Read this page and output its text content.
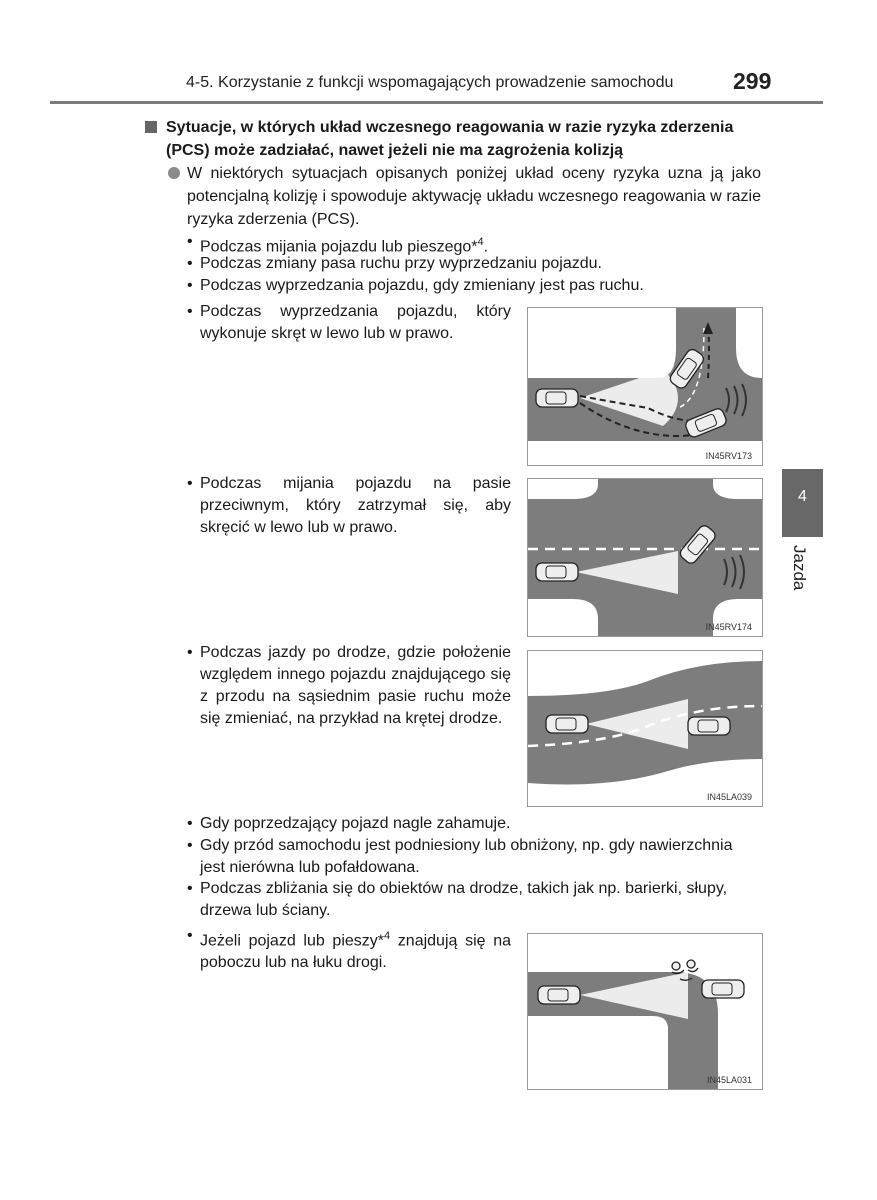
4-5. Korzystanie z funkcji wspomagających prowadzenie samochodu	299
4
Jazda
Sytuacje, w których układ wczesnego reagowania w razie ryzyka zderzenia (PCS) może zadziałać, nawet jeżeli nie ma zagrożenia kolizją
W niektórych sytuacjach opisanych poniżej układ oceny ryzyka uzna ją jako potencjalną kolizję i spowoduje aktywację układu wczesnego reagowania w razie ryzyka zderzenia (PCS).
• Podczas mijania pojazdu lub pieszego*$^4$.
• Podczas zmiany pasa ruchu przy wyprzedzaniu pojazdu.
• Podczas wyprzedzania pojazdu, gdy zmieniany jest pas ruchu.
• Podczas wyprzedzania pojazdu, który wykonuje skręt w lewo lub w prawo.
IN45RV173
• Podczas mijania pojazdu na pasie przeciwnym, który zatrzymał się, aby skręcić w lewo lub w prawo.
IN45RV174
• Podczas jazdy po drodze, gdzie położenie względem innego pojazdu znajdującego się z przodu na sąsiednim pasie ruchu może się zmieniać, na przykład na krętej drodze.
IN45LA039
• Gdy poprzedzający pojazd nagle zahamuje.
• Gdy przód samochodu jest podniesiony lub obniżony, np. gdy nawierzchnia jest nierówna lub pofałdowana.
• Podczas zbliżania się do obiektów na drodze, takich jak np. barierki, słupy, drzewa lub ściany.
• Jeżeli pojazd lub pieszy*$^4$ znajdują się na poboczu lub na łuku drogi.
IN45LA031
